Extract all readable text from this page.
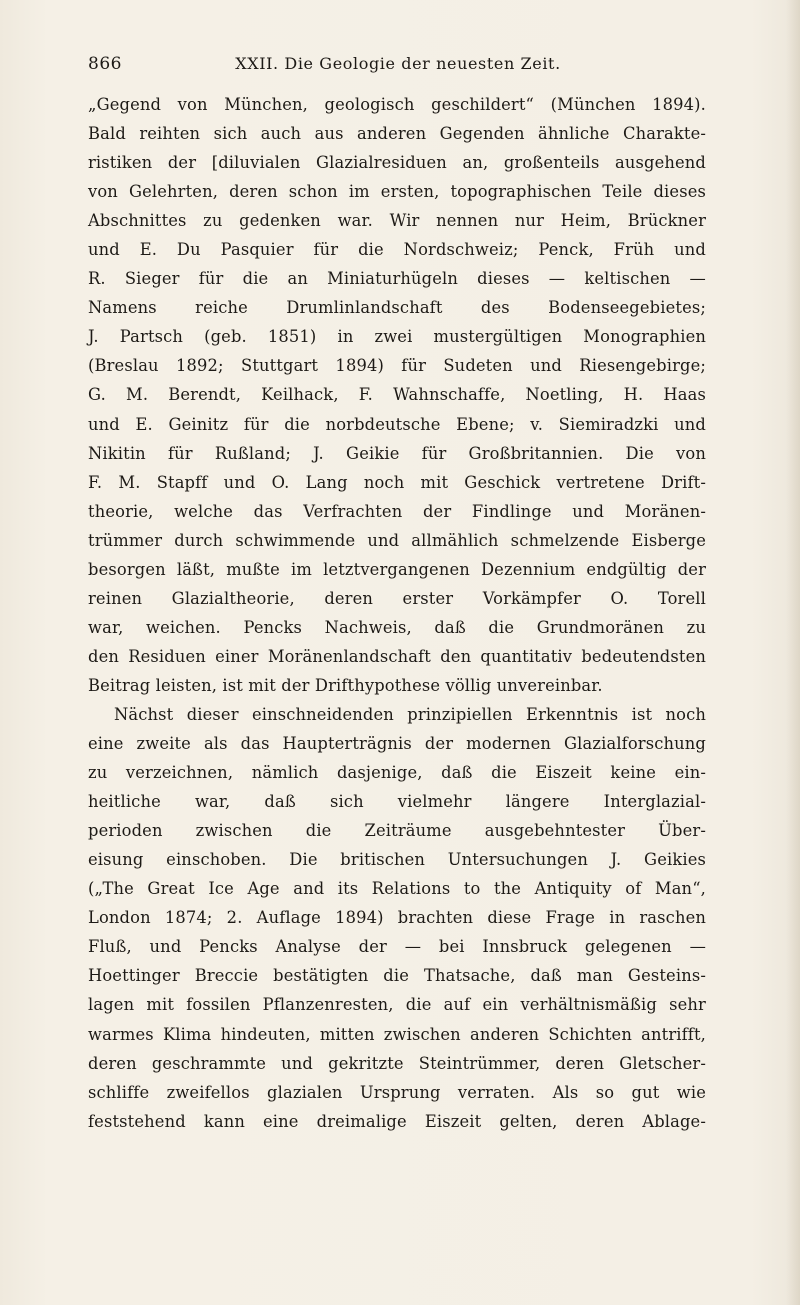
866	XXII. Die Geologie der neuesten Zeit.
„Gegend von München, geologisch geschildert“ (München 1894).
Bald reihten sich auch aus anderen Gegenden ähnliche Charakte-
ristiken der [diluvialen Glazialresiduen an, großenteils ausgehend
von Gelehrten, deren schon im ersten, topographischen Teile dieses
Abschnittes zu gedenken war. Wir nennen nur Heim, Brückner
und E. Du Pasquier für die Nordschweiz; Penck, Früh und
R. Sieger für die an Miniaturhügeln dieses — keltischen —
Namens reiche Drumlinlandschaft des Bodenseegebietes;
J. Partsch (geb. 1851) in zwei mustergültigen Monographien
(Breslau 1892; Stuttgart 1894) für Sudeten und Riesengebirge;
G. M. Berendt, Keilhack, F. Wahnschaffe, Noetling, H. Haas
und E. Geinitz für die norbdeutsche Ebene; v. Siemiradzki und
Nikitin für Rußland; J. Geikie für Großbritannien. Die von
F. M. Stapff und O. Lang noch mit Geschick vertretene Drift-
theorie, welche das Verfrachten der Findlinge und Moränen-
trümmer durch schwimmende und allmählich schmelzende Eisberge
besorgen läßt, mußte im letztvergangenen Dezennium endgültig der
reinen Glazialtheorie, deren erster Vorkämpfer O. Torell
war, weichen. Pencks Nachweis, daß die Grundmoränen zu
den Residuen einer Moränenlandschaft den quantitativ bedeutendsten
Beitrag leisten, ist mit der Drifthypothese völlig unvereinbar.
Nächst dieser einschneidenden prinzipiellen Erkenntnis ist noch
eine zweite als das Haupterträgnis der modernen Glazialforschung
zu verzeichnen, nämlich dasjenige, daß die Eiszeit keine ein-
heitliche war, daß sich vielmehr längere Interglazial-
perioden zwischen die Zeiträume ausgebehntester Über-
eisung einschoben. Die britischen Untersuchungen J. Geikies
(„The Great Ice Age and its Relations to the Antiquity of Man“,
London 1874; 2. Auflage 1894) brachten diese Frage in raschen
Fluß, und Pencks Analyse der — bei Innsbruck gelegenen —
Hoettinger Breccie bestätigten die Thatsache, daß man Gesteins-
lagen mit fossilen Pflanzenresten, die auf ein verhältnismäßig sehr
warmes Klima hindeuten, mitten zwischen anderen Schichten antrifft,
deren geschrammte und gekritzte Steintrümmer, deren Gletscher-
schliffe zweifellos glazialen Ursprung verraten. Als so gut wie
feststehend kann eine dreimalige Eiszeit gelten, deren Ablage-
